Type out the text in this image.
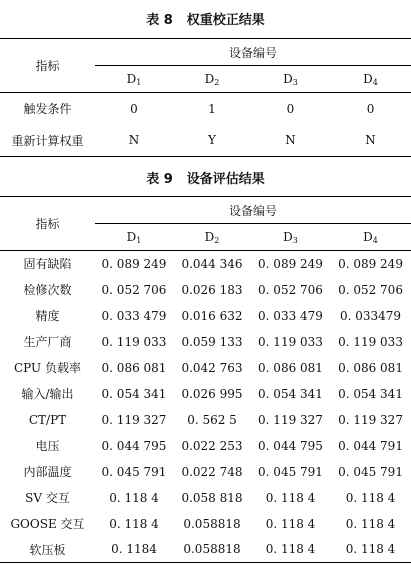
表 8 权重校正结果
指标	设备编号			
	$D_1$	$D_2$	$D_3$	$D_4$
触发条件	0	1	0	0
重新计算权重	N	Y	N	N
表 9 设备评估结果
指标	设备编号			
	$D_1$	$D_2$	$D_3$	$D_4$
固有缺陷	0. 089 249	0.044 346	0. 089 249	0. 089 249
检修次数	0. 052 706	0.026 183	0. 052 706	0. 052 706
精度	0. 033 479	0.016 632	0. 033 479	0. 033479
生产厂商	0. 119 033	0.059 133	0. 119 033	0. 119 033
CPU 负载率	0. 086 081	0.042 763	0. 086 081	0. 086 081
输入/输出	0. 054 341	0.026 995	0. 054 341	0. 054 341
CT/PT	0. 119 327	0. 562 5	0. 119 327	0. 119 327
电压	0. 044 795	0.022 253	0. 044 795	0. 044 791
内部温度	0. 045 791	0.022 748	0. 045 791	0. 045 791
SV 交互	0. 118 4	0.058 818	0. 118 4	0. 118 4
GOOSE 交互	0. 118 4	0.058818	0. 118 4	0. 118 4
软压板	0. 1184	0.058818	0. 118 4	0. 118 4
